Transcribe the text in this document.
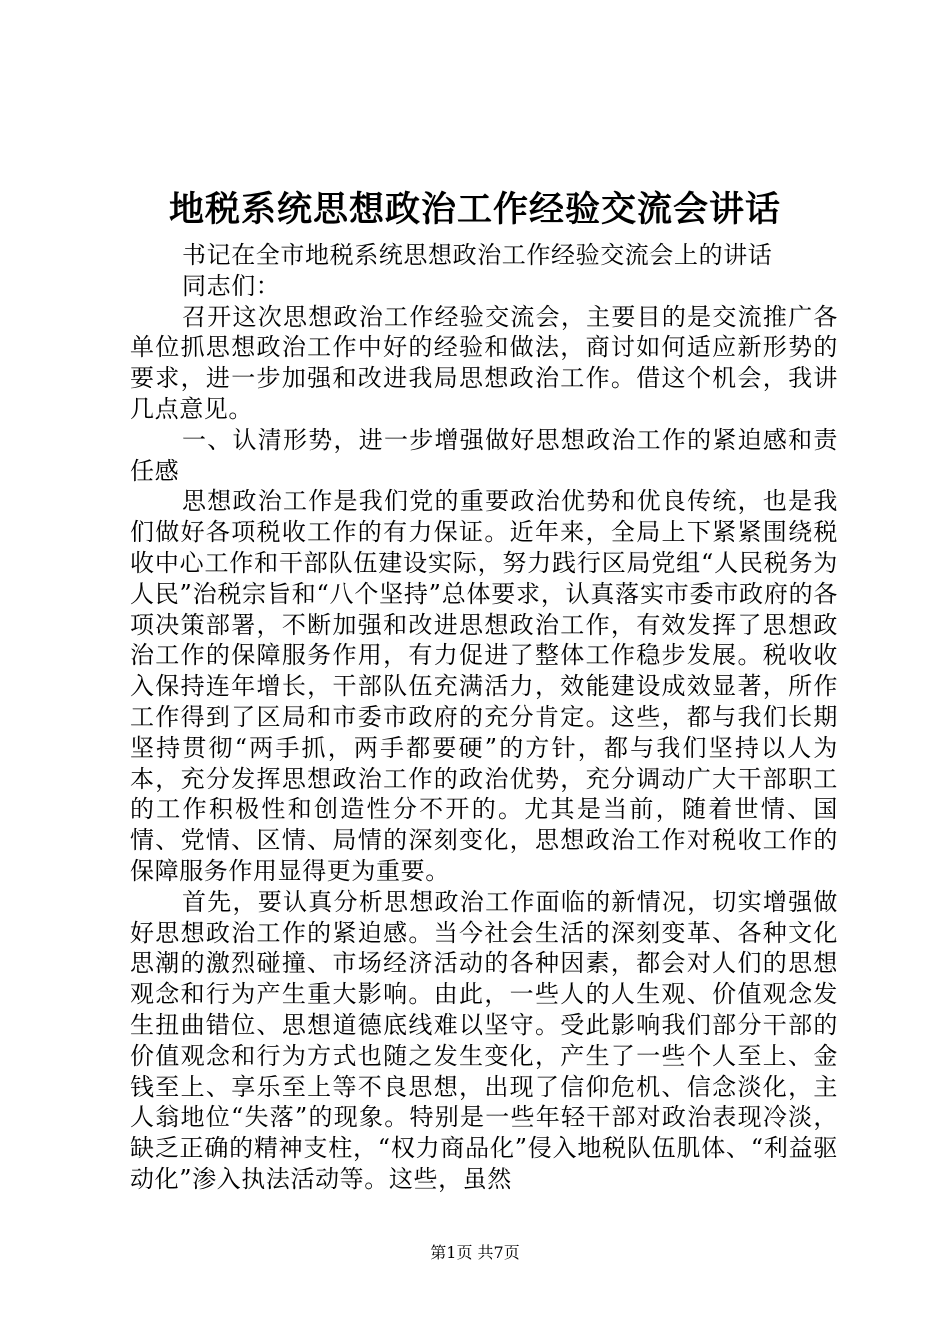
地税系统思想政治工作经验交流会讲话

书记在全市地税系统思想政治工作经验交流会上的讲话

同志们：

召开这次思想政治工作经验交流会，主要目的是交流推广各单位抓思想政治工作中好的经验和做法，商讨如何适应新形势的要求，进一步加强和改进我局思想政治工作。借这个机会，我讲几点意见。

一、认清形势，进一步增强做好思想政治工作的紧迫感和责任感

思想政治工作是我们党的重要政治优势和优良传统，也是我们做好各项税收工作的有力保证。近年来，全局上下紧紧围绕税收中心工作和干部队伍建设实际，努力践行区局党组“人民税务为人民”治税宗旨和“八个坚持”总体要求，认真落实市委市政府的各项决策部署，不断加强和改进思想政治工作，有效发挥了思想政治工作的保障服务作用，有力促进了整体工作稳步发展。税收收入保持连年增长，干部队伍充满活力，效能建设成效显著，所作工作得到了区局和市委市政府的充分肯定。这些，都与我们长期坚持贯彻“两手抓，两手都要硬”的方针，都与我们坚持以人为本，充分发挥思想政治工作的政治优势，充分调动广大干部职工的工作积极性和创造性分不开的。尤其是当前，随着世情、国情、党情、区情、局情的深刻变化，思想政治工作对税收工作的保障服务作用显得更为重要。

首先，要认真分析思想政治工作面临的新情况，切实增强做好思想政治工作的紧迫感。当今社会生活的深刻变革、各种文化思潮的激烈碰撞、市场经济活动的各种因素，都会对人们的思想观念和行为产生重大影响。由此，一些人的人生观、价值观念发生扭曲错位、思想道德底线难以坚守。受此影响我们部分干部的价值观念和行为方式也随之发生变化，产生了一些个人至上、金钱至上、享乐至上等不良思想，出现了信仰危机、信念淡化，主人翁地位“失落”的现象。特别是一些年轻干部对政治表现冷淡，缺乏正确的精神支柱，“权力商品化”侵入地税队伍肌体、“利益驱动化”渗入执法活动等。这些，虽然

第1页 共7页
